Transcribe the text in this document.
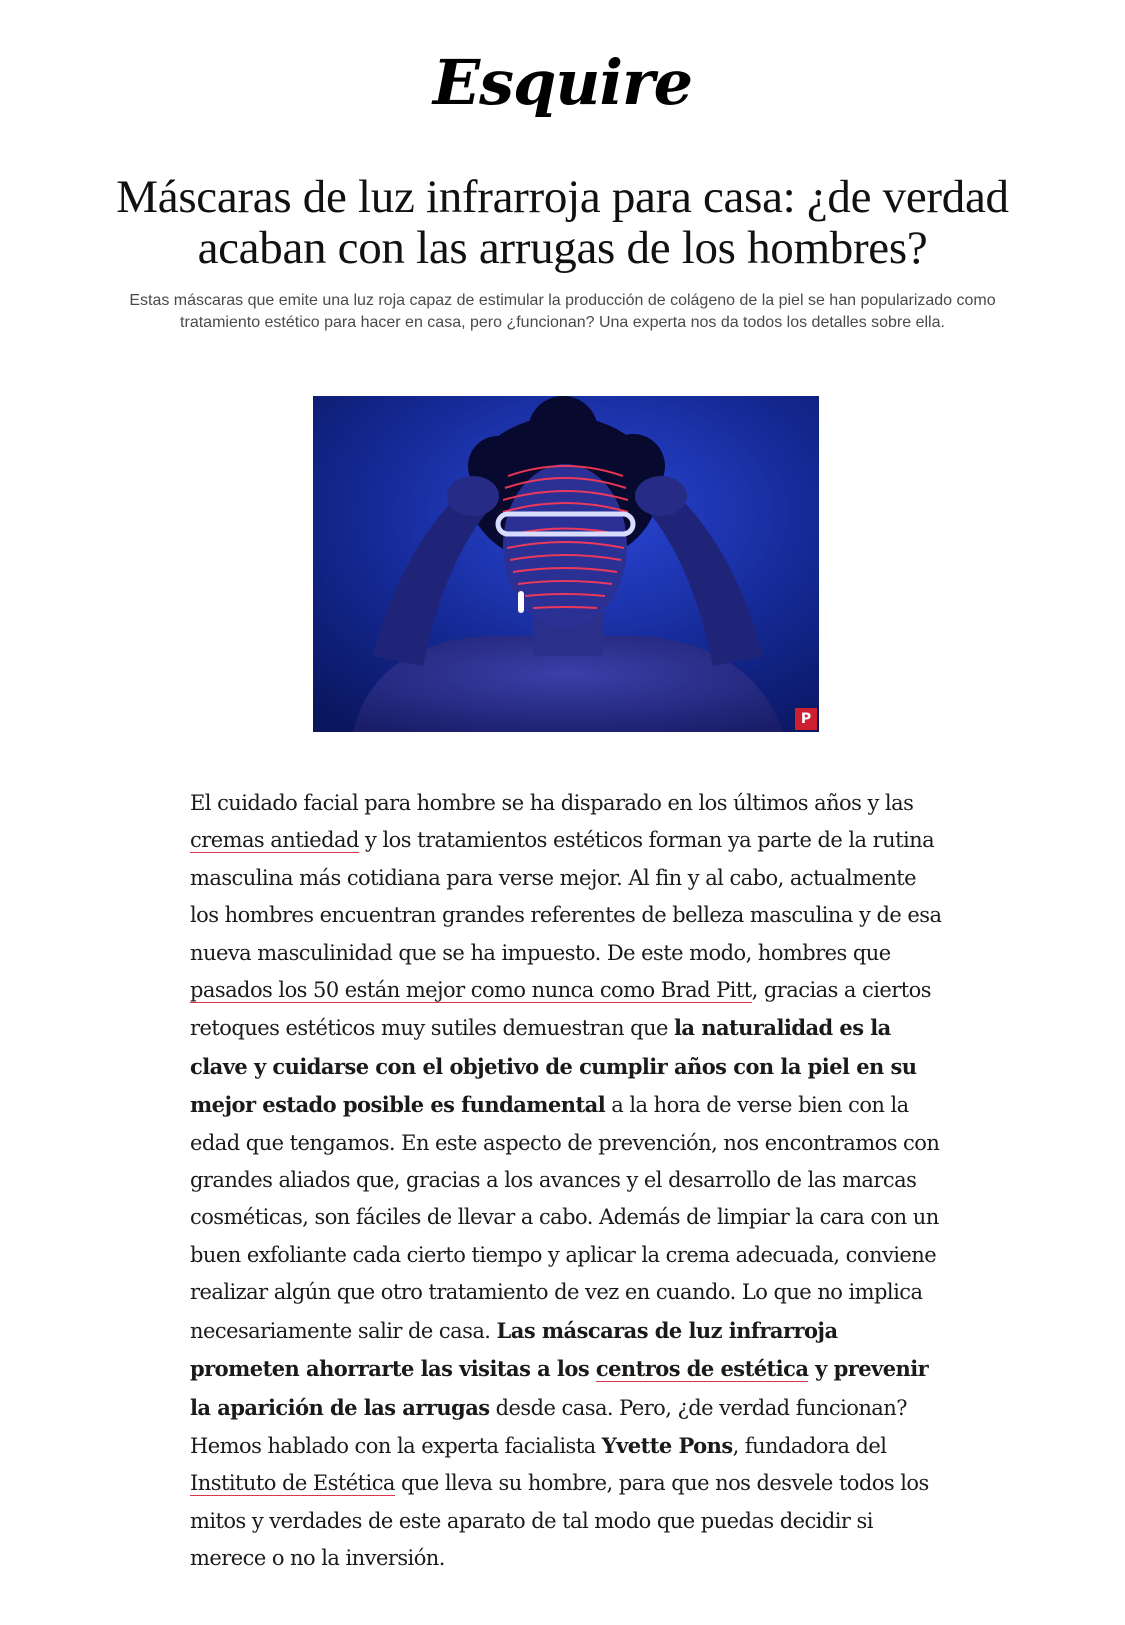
Esquire
Máscaras de luz infrarroja para casa: ¿de verdad acaban con las arrugas de los hombres?

Estas máscaras que emite una luz roja capaz de estimular la producción de colágeno de la piel se han popularizado como tratamiento estético para hacer en casa, pero ¿funcionan? Una experta nos da todos los detalles sobre ella.

P

El cuidado facial para hombre se ha disparado en los últimos años y las cremas antiedad y los tratamientos estéticos forman ya parte de la rutina masculina más cotidiana para verse mejor. Al fin y al cabo, actualmente los hombres encuentran grandes referentes de belleza masculina y de esa nueva masculinidad que se ha impuesto. De este modo, hombres que pasados los 50 están mejor como nunca como Brad Pitt, gracias a ciertos retoques estéticos muy sutiles demuestran que la naturalidad es la clave y cuidarse con el objetivo de cumplir años con la piel en su mejor estado posible es fundamental a la hora de verse bien con la edad que tengamos. En este aspecto de prevención, nos encontramos con grandes aliados que, gracias a los avances y el desarrollo de las marcas cosméticas, son fáciles de llevar a cabo. Además de limpiar la cara con un buen exfoliante cada cierto tiempo y aplicar la crema adecuada, conviene realizar algún que otro tratamiento de vez en cuando. Lo que no implica necesariamente salir de casa. Las máscaras de luz infrarroja prometen ahorrarte las visitas a los centros de estética y prevenir la aparición de las arrugas desde casa. Pero, ¿de verdad funcionan? Hemos hablado con la experta facialista Yvette Pons, fundadora del Instituto de Estética que lleva su hombre, para que nos desvele todos los mitos y verdades de este aparato de tal modo que puedas decidir si merece o no la inversión.
